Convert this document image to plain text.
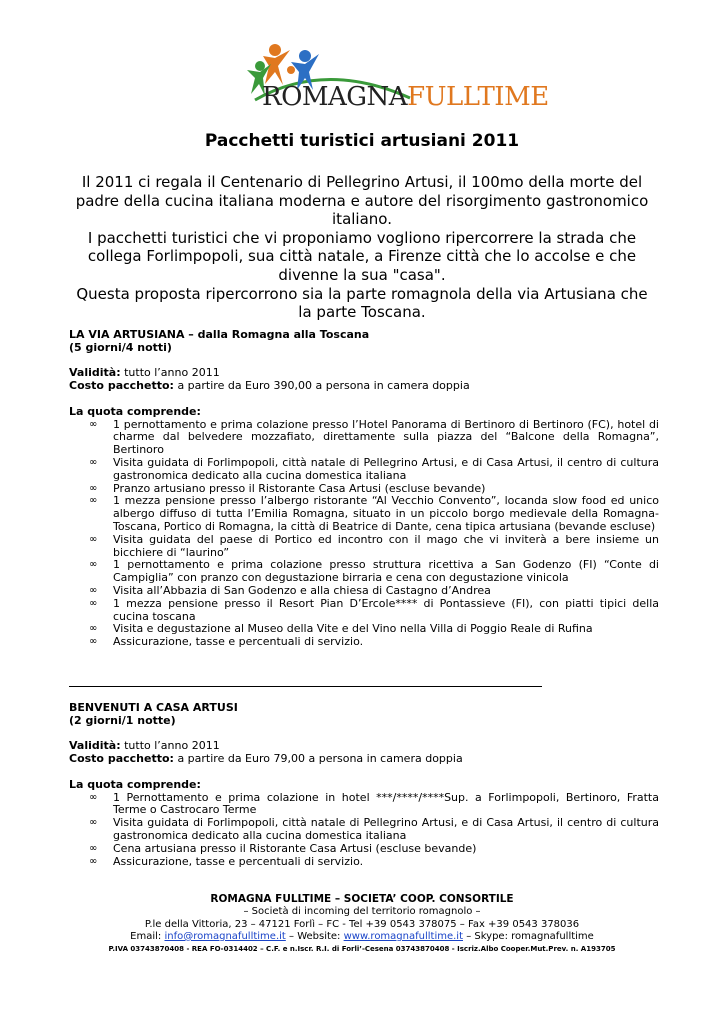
ROMAGNAFULLTIME
Pacchetti turistici artusiani 2011

Il 2011 ci regala il Centenario di Pellegrino Artusi, il 100mo della morte del padre della cucina italiana moderna e autore del risorgimento gastronomico italiano.

I pacchetti turistici che vi proponiamo vogliono ripercorrere la strada che collega Forlimpopoli, sua città natale, a Firenze città che lo accolse e che divenne la sua "casa".

Questa proposta ripercorrono sia la parte romagnola della via Artusiana che la parte Toscana.

LA VIA ARTUSIANA – dalla Romagna alla Toscana

(5 giorni/4 notti)

Validità: tutto l’anno 2011

Costo pacchetto: a partire da Euro 390,00 a persona in camera doppia

La quota comprende:

∞ 1 pernottamento e prima colazione presso l’Hotel Panorama di Bertinoro di Bertinoro (FC), hotel di charme dal belvedere mozzafiato, direttamente sulla piazza del “Balcone della Romagna”, Bertinoro
∞ Visita guidata di Forlimpopoli, città natale di Pellegrino Artusi, e di Casa Artusi, il centro di cultura gastronomica dedicato alla cucina domestica italiana
∞ Pranzo artusiano presso il Ristorante Casa Artusi (escluse bevande)
∞ 1 mezza pensione presso l’albergo ristorante “Al Vecchio Convento”, locanda slow food ed unico albergo diffuso di tutta l’Emilia Romagna, situato in un piccolo borgo medievale della Romagna-Toscana, Portico di Romagna, la città di Beatrice di Dante, cena tipica artusiana (bevande escluse)
∞ Visita guidata del paese di Portico ed incontro con il mago che vi inviterà a bere insieme un bicchiere di “laurino”
∞ 1 pernottamento e prima colazione presso struttura ricettiva a San Godenzo (FI) “Conte di Campiglia” con pranzo con degustazione birraria e cena con degustazione vinicola
∞ Visita all’Abbazia di San Godenzo e alla chiesa di Castagno d’Andrea
∞ 1 mezza pensione presso il Resort Pian D’Ercole**** di Pontassieve (FI), con piatti tipici della cucina toscana
∞ Visita e degustazione al Museo della Vite e del Vino nella Villa di Poggio Reale di Rufina
∞ Assicurazione, tasse e percentuali di servizio.

BENVENUTI A CASA ARTUSI

(2 giorni/1 notte)

Validità: tutto l’anno 2011

Costo pacchetto: a partire da Euro 79,00 a persona in camera doppia

La quota comprende:

∞ 1 Pernottamento e prima colazione in hotel ***/****/****Sup. a Forlimpopoli, Bertinoro, Fratta Terme o Castrocaro Terme
∞ Visita guidata di Forlimpopoli, città natale di Pellegrino Artusi, e di Casa Artusi, il centro di cultura gastronomica dedicato alla cucina domestica italiana
∞ Cena artusiana presso il Ristorante Casa Artusi (escluse bevande)
∞ Assicurazione, tasse e percentuali di servizio.

ROMAGNA FULLTIME – SOCIETA’ COOP. CONSORTILE

– Società di incoming del territorio romagnolo –

P.le della Vittoria, 23 – 47121 Forlì – FC - Tel +39 0543 378075 – Fax +39 0543 378036

Email: info@romagnafulltime.it – Website: www.romagnafulltime.it – Skype: romagnafulltime

P.IVA 03743870408 - REA FO-0314402 – C.F. e n.Iscr. R.I. di Forli’-Cesena 03743870408 - Iscriz.Albo Cooper.Mut.Prev. n. A193705
